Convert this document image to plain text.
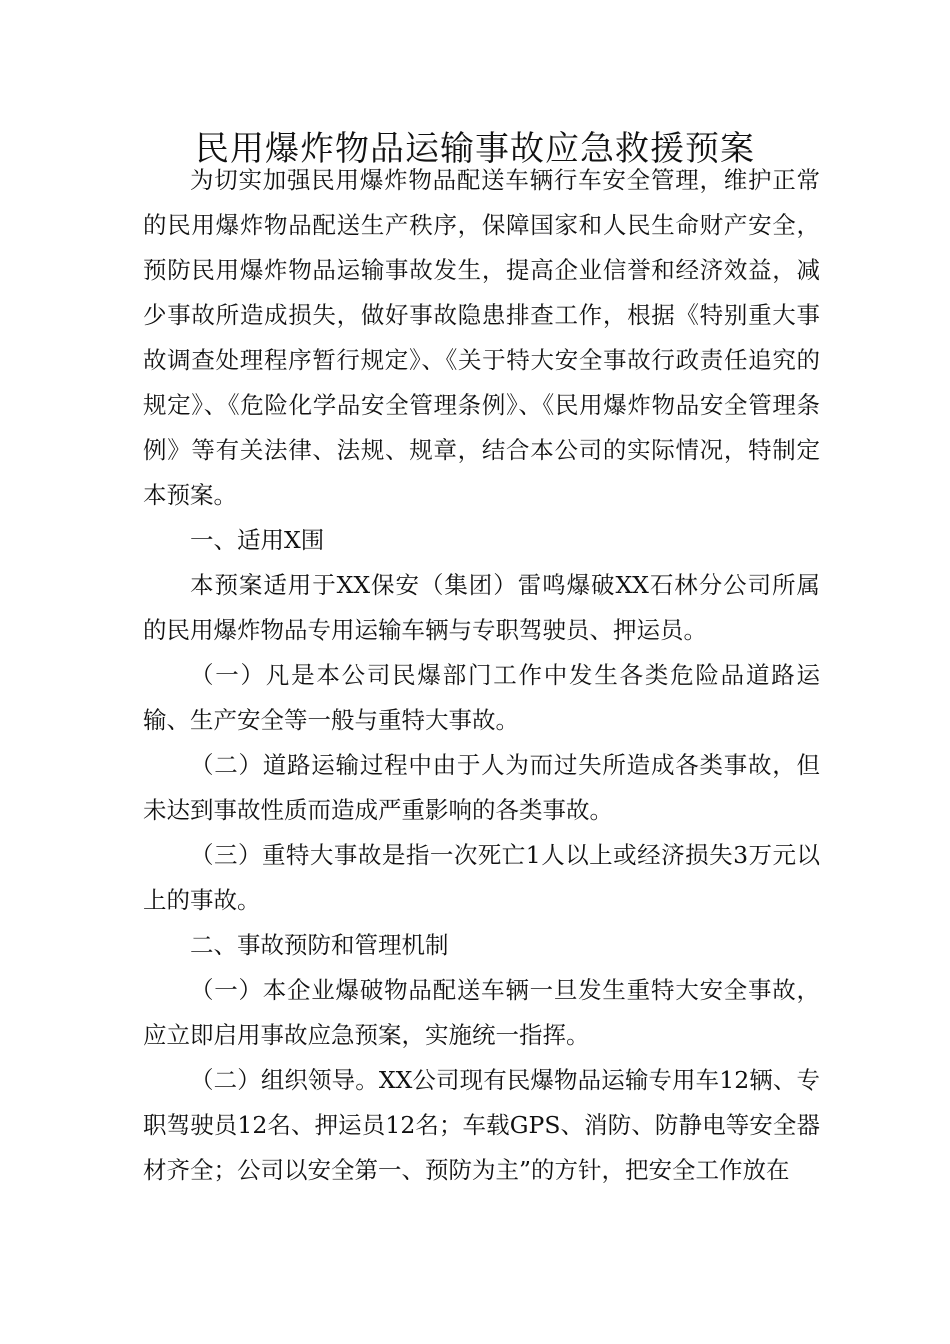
民用爆炸物品运输事故应急救援预案

为切实加强民用爆炸物品配送车辆行车安全管理，维护正常的民用爆炸物品配送生产秩序，保障国家和人民生命财产安全，预防民用爆炸物品运输事故发生，提高企业信誉和经济效益，减少事故所造成损失，做好事故隐患排查工作，根据《特别重大事故调查处理程序暂行规定》、《关于特大安全事故行政责任追究的规定》、《危险化学品安全管理条例》、《民用爆炸物品安全管理条例》等有关法律、法规、规章，结合本公司的实际情况，特制定本预案。

一、适用X围

本预案适用于XX保安（集团）雷鸣爆破XX石林分公司所属的民用爆炸物品专用运输车辆与专职驾驶员、押运员。

（一）凡是本公司民爆部门工作中发生各类危险品道路运输、生产安全等一般与重特大事故。

（二）道路运输过程中由于人为而过失所造成各类事故，但未达到事故性质而造成严重影响的各类事故。

（三）重特大事故是指一次死亡1人以上或经济损失3万元以上的事故。

二、事故预防和管理机制

（一）本企业爆破物品配送车辆一旦发生重特大安全事故，应立即启用事故应急预案，实施统一指挥。

（二）组织领导。XX公司现有民爆物品运输专用车12辆、专职驾驶员12名、押运员12名；车载GPS、消防、防静电等安全器材齐全；公司以安全第一、预防为主”的方针，把安全工作放在
